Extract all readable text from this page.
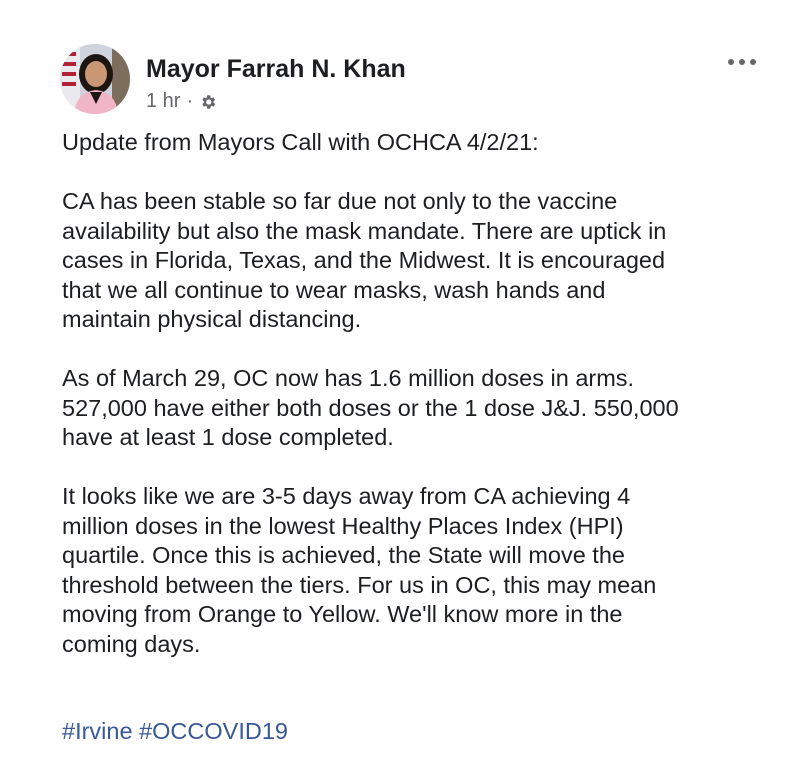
Mayor Farrah N. Khan
1 hr ·

Update from Mayors Call with OCHCA 4/2/21:

CA has been stable so far due not only to the vaccine
availability but also the mask mandate. There are uptick in
cases in Florida, Texas, and the Midwest. It is encouraged
that we all continue to wear masks, wash hands and
maintain physical distancing.

As of March 29, OC now has 1.6 million doses in arms.
527,000 have either both doses or the 1 dose J&J. 550,000
have at least 1 dose completed.

It looks like we are 3-5 days away from CA achieving 4
million doses in the lowest Healthy Places Index (HPI)
quartile. Once this is achieved, the State will move the
threshold between the tiers. For us in OC, this may mean
moving from Orange to Yellow. We'll know more in the
coming days.

#Irvine #OCCOVID19
